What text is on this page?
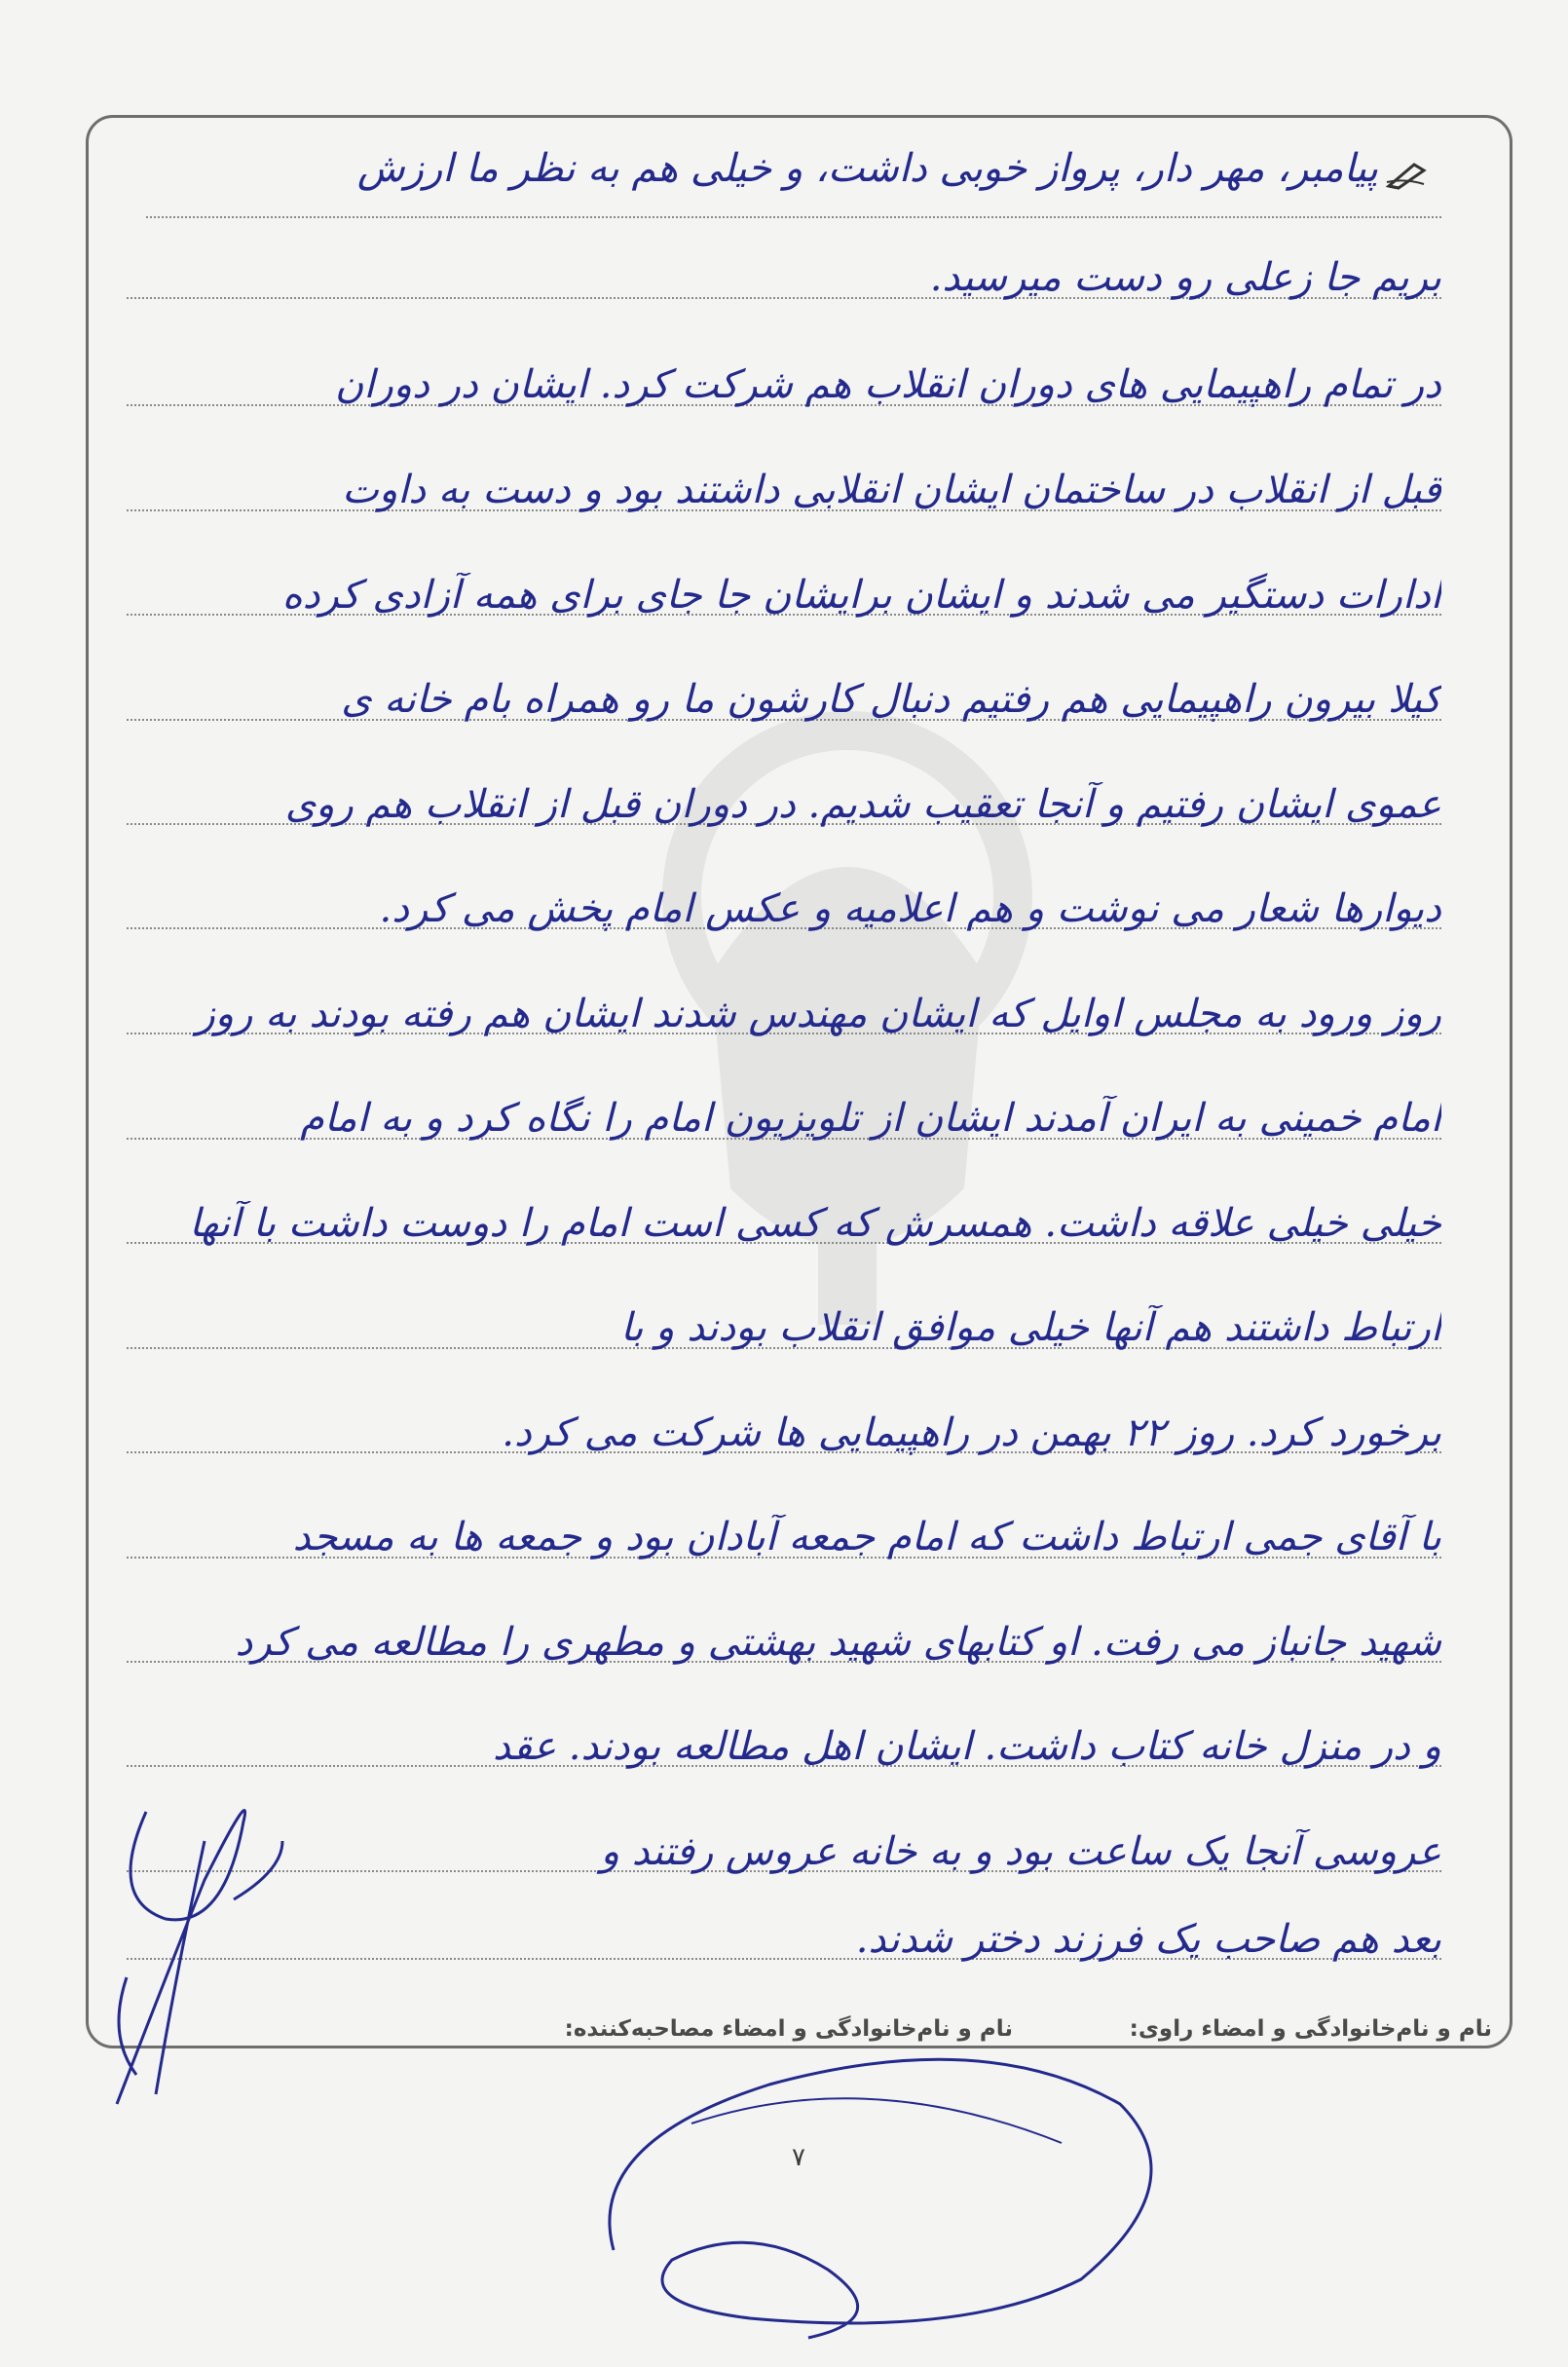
پیامبر، مهر دار، پرواز خوبی داشت، و خیلی هم به نظر ما ارزش
بریم جا زعلی رو دست میرسید.
در تمام راهپیمایی های دوران انقلاب هم شرکت کرد. ایشان در دوران
قبل از انقلاب در ساختمان ایشان انقلابی داشتند بود و دست به داوت
ادارات دستگیر می شدند و ایشان برایشان جا جای برای همه آزادی کرده
کیلا بیرون راهپیمایی هم رفتیم دنبال کارشون ما رو همراه بام خانه ی
عموی ایشان رفتیم و آنجا تعقیب شدیم. در دوران قبل از انقلاب هم روی
دیوارها شعار می نوشت و هم اعلامیه و عکس امام پخش می کرد.
روز ورود به مجلس اوایل که ایشان مهندس شدند ایشان هم رفته بودند به روز
امام خمینی به ایران آمدند ایشان از تلویزیون امام را نگاه کرد و به امام
خیلی خیلی علاقه داشت. همسرش که کسی است امام را دوست داشت با آنها
ارتباط داشتند هم آنها خیلی موافق انقلاب بودند و با
برخورد کرد. روز ۲۲ بهمن در راهپیمایی ها شرکت می کرد.
با آقای جمی ارتباط داشت که امام جمعه آبادان بود و جمعه ها به مسجد
شهید جانباز می رفت. او کتابهای شهید بهشتی و مطهری را مطالعه می کرد
و در منزل خانه کتاب داشت. ایشان اهل مطالعه بودند. عقد
عروسی آنجا یک ساعت بود و به خانه عروس رفتند و
بعد هم صاحب یک فرزند دختر شدند.
نام و نام‌خانوادگی و امضاء راوی:
نام و نام‌خانوادگی و امضاء مصاحبه‌کننده:
۷
